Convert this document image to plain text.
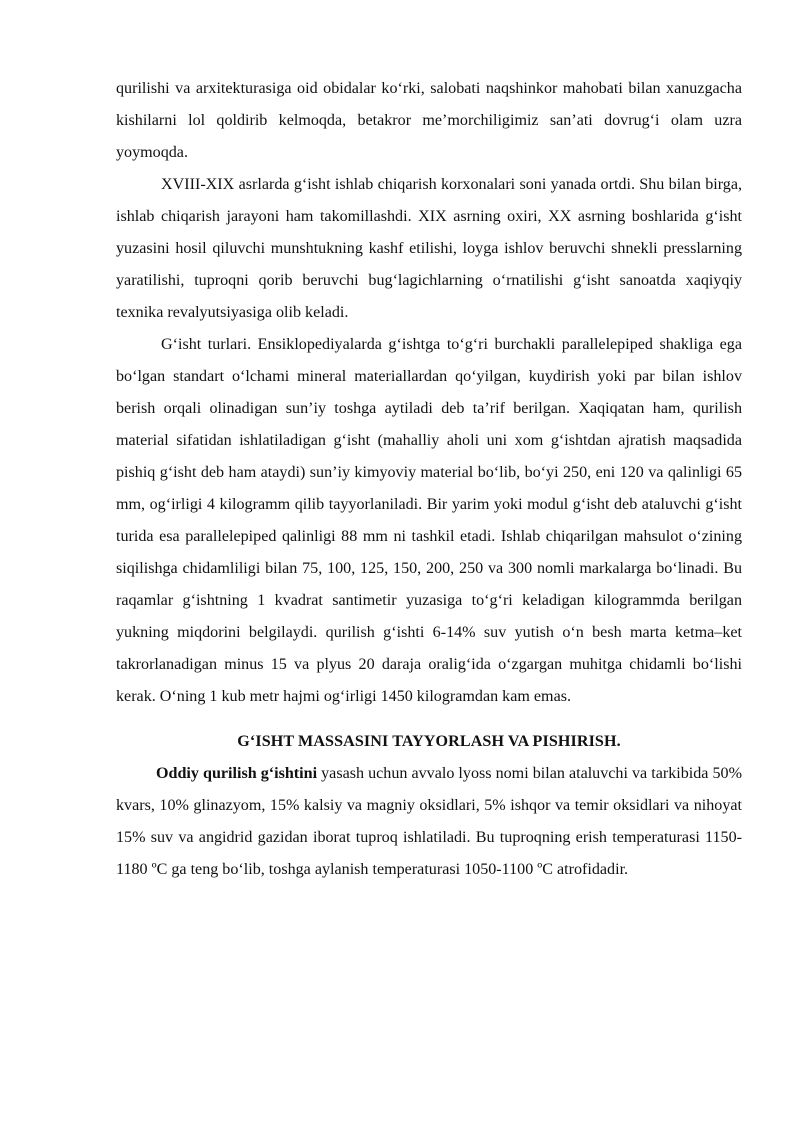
qurilishi va arxitekturasiga oid obidalar ko‘rki, salobati naqshinkor mahobati bilan xanuzgacha kishilarni lol qoldirib kelmoqda, betakror me’morchiligimiz san’ati dovrug‘i olam uzra yoymoqda.

XVIII-XIX asrlarda g‘isht ishlab chiqarish korxonalari soni yanada ortdi. Shu bilan birga, ishlab chiqarish jarayoni ham takomillashdi. XIX asrning oxiri, XX asrning boshlarida g‘isht yuzasini hosil qiluvchi munshtukning kashf etilishi, loyga ishlov beruvchi shnekli presslarning yaratilishi, tuproqni qorib beruvchi bug‘lagichlarning o‘rnatilishi g‘isht sanoatda xaqiyqiy texnika revalyutsiyasiga olib keladi.

G‘isht turlari. Ensiklopediyalarda g‘ishtga to‘g‘ri burchakli parallelepiped shakliga ega bo‘lgan standart o‘lchami mineral materiallardan qo‘yilgan, kuydirish yoki par bilan ishlov berish orqali olinadigan sun’iy toshga aytiladi deb ta’rif berilgan. Xaqiqatan ham, qurilish material sifatidan ishlatiladigan g‘isht (mahalliy aholi uni xom g‘ishtdan ajratish maqsadida pishiq g‘isht deb ham ataydi) sun’iy kimyoviy material bo‘lib, bo‘yi 250, eni 120 va qalinligi 65 mm, og‘irligi 4 kilogramm qilib tayyorlaniladi. Bir yarim yoki modul g‘isht deb ataluvchi g‘isht turida esa parallelepiped qalinligi 88 mm ni tashkil etadi. Ishlab chiqarilgan mahsulot o‘zining siqilishga chidamliligi bilan 75, 100, 125, 150, 200, 250 va 300 nomli markalarga bo‘linadi. Bu raqamlar g‘ishtning 1 kvadrat santimetir yuzasiga to‘g‘ri keladigan kilogrammda berilgan yukning miqdorini belgilaydi. qurilish g‘ishti 6-14% suv yutish o‘n besh marta ketma–ket takrorlanadigan minus 15 va plyus 20 daraja oralig‘ida o‘zgargan muhitga chidamli bo‘lishi kerak. O‘ning 1 kub metr hajmi og‘irligi 1450 kilogramdan kam emas.

G‘ISHT MASSASINI TAYYORLASH VA PISHIRISH.

Oddiy qurilish g‘ishtini yasash uchun avvalo lyoss nomi bilan ataluvchi va tarkibida 50% kvars, 10% glinazyom, 15% kalsiy va magniy oksidlari, 5% ishqor va temir oksidlari va nihoyat 15% suv va angidrid gazidan iborat tuproq ishlatiladi. Bu tuproqning erish temperaturasi 1150-1180 ºC ga teng bo‘lib, toshga aylanish temperaturasi 1050-1100 ºC atrofidadir.
